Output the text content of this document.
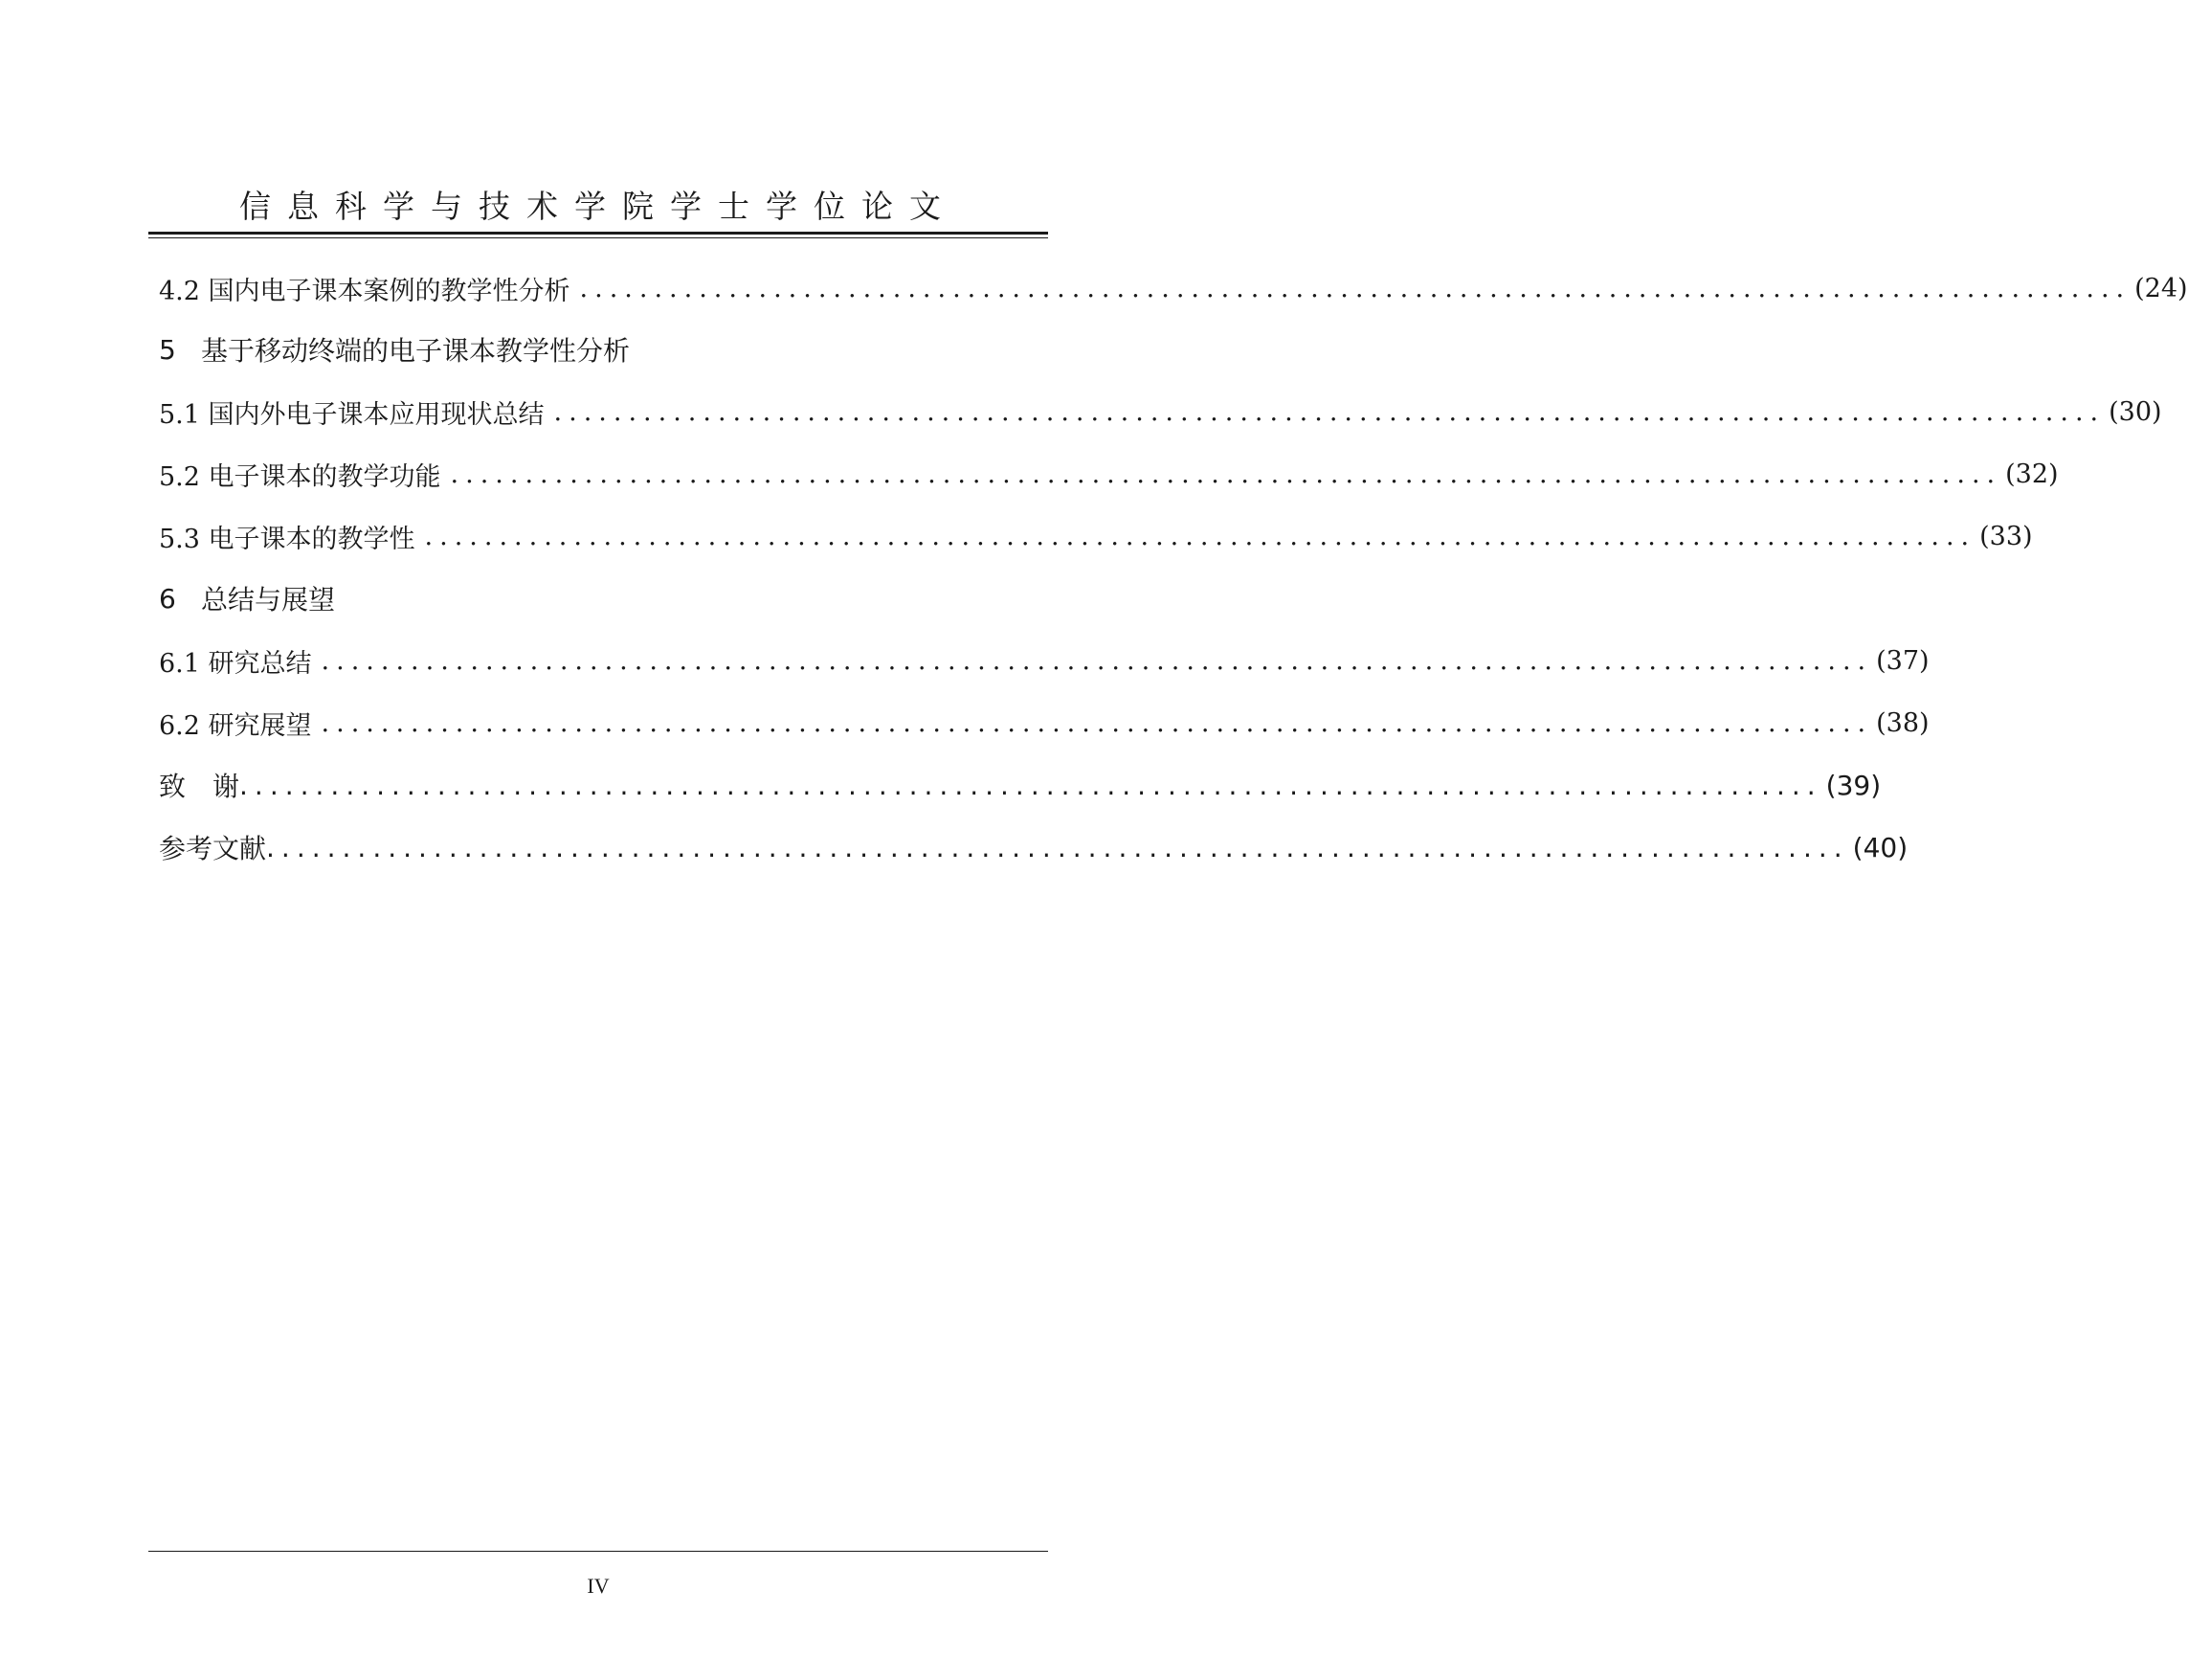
信息科学与技术学院学士学位论文
4.2 国内电子课本案例的教学性分析 ........................................................................................................ (24)
5 基于移动终端的电子课本教学性分析
5.1 国内外电子课本应用现状总结 ........................................................................................................ (30)
5.2 电子课本的教学功能 ........................................................................................................ (32)
5.3 电子课本的教学性 ........................................................................................................ (33)
6 总结与展望
6.1 研究总结 ........................................................................................................ (37)
6.2 研究展望 ........................................................................................................ (38)
致　谢 ........................................................................................................ (39)
参考文献 ........................................................................................................ (40)
IV
